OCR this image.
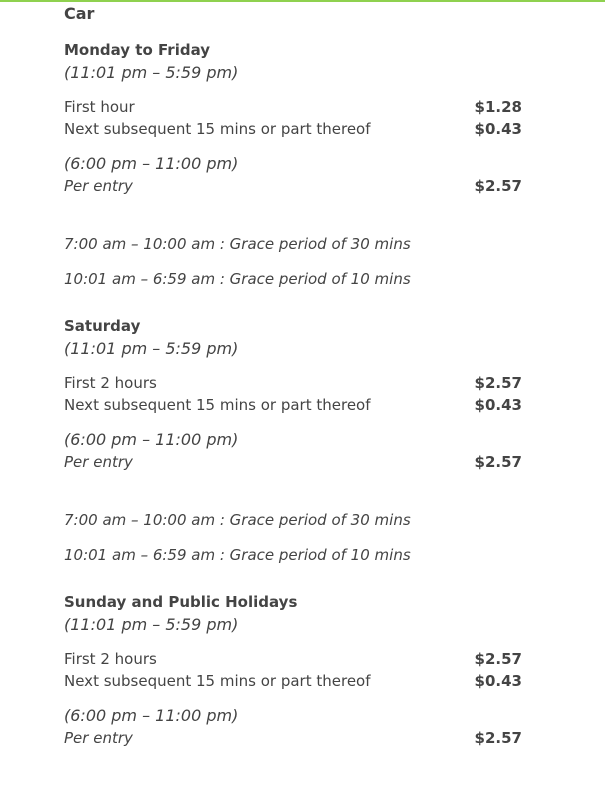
Car
Monday to Friday
(11:01 pm – 5:59 pm)
First hour	$1.28
Next subsequent 15 mins or part thereof	$0.43
(6:00 pm – 11:00 pm)
Per entry	$2.57
7:00 am – 10:00 am : Grace period of 30 mins
10:01 am – 6:59 am : Grace period of 10 mins
Saturday
(11:01 pm – 5:59 pm)
First 2 hours	$2.57
Next subsequent 15 mins or part thereof	$0.43
(6:00 pm – 11:00 pm)
Per entry	$2.57
7:00 am – 10:00 am : Grace period of 30 mins
10:01 am – 6:59 am : Grace period of 10 mins
Sunday and Public Holidays
(11:01 pm – 5:59 pm)
First 2 hours	$2.57
Next subsequent 15 mins or part thereof	$0.43
(6:00 pm – 11:00 pm)
Per entry	$2.57
